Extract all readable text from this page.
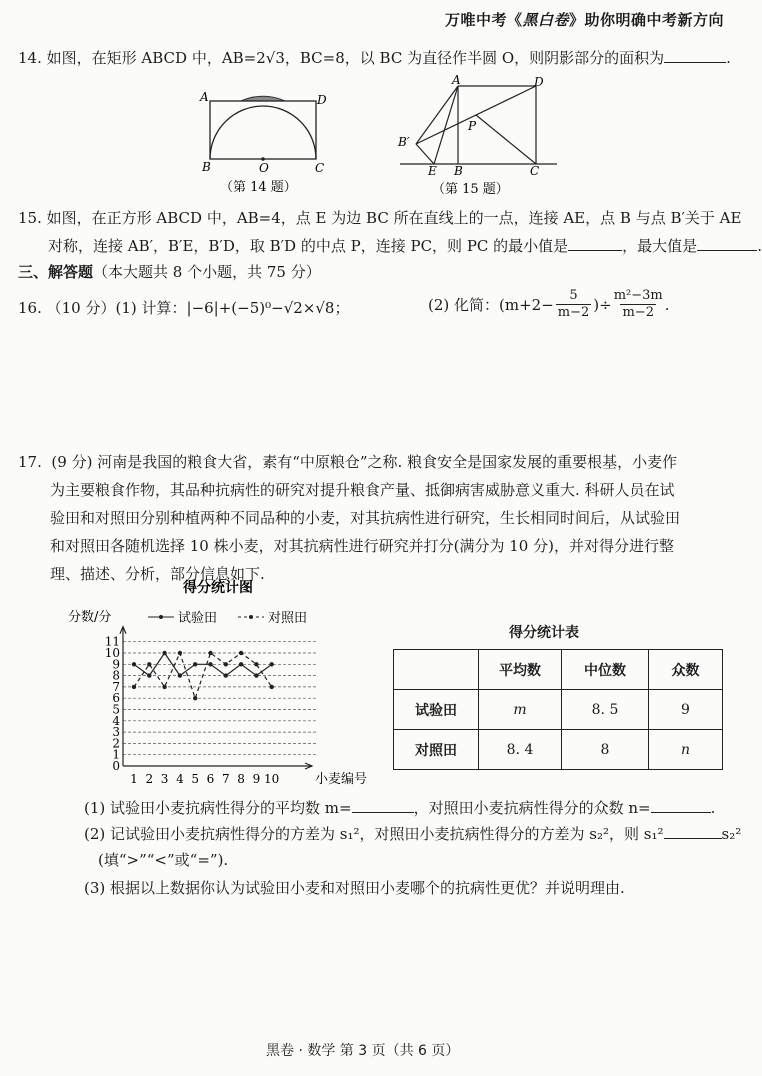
万唯中考《黑白卷》助你明确中考新方向
14. 如图，在矩形 ABCD 中，AB=2√3，BC=8，以 BC 为直径作半圆 O，则阴影部分的面积为	.
A	D
B	O	C
（第 14 题）
A	D
P
B′
E B	C
（第 15 题）
15. 如图，在正方形 ABCD 中，AB=4，点 E 为边 BC 所在直线上的一点，连接 AE，点 B 与点 B′关于 AE
对称，连接 AB′，B′E，B′D，取 B′D 的中点 P，连接 PC，则 PC 的最小值是	，最大值是	.
三、解答题（本大题共 8 个小题，共 75 分）
16. （10 分）(1) 计算：|−6|+(−5)⁰−√2×√8；	(2) 化简：($m+2- \frac{5}{m-2}$ )÷ $\frac{\text{m²−3m}}{m-2}$ .
17. (9 分) 河南是我国的粮食大省，素有“中原粮仓”之称. 粮食安全是国家发展的重要根基，小麦作
为主要粮食作物，其品种抗病性的研究对提升粮食产量、抵御病害威胁意义重大. 科研人员在试
验田和对照田分别种植两种不同品种的小麦，对其抗病性进行研究，生长相同时间后，从试验田
和对照田各随机选择 10 株小麦，对其抗病性进行研究并打分(满分为 10 分)，并对得分进行整
理、描述、分析，部分信息如下.
得分统计图
分数/分	试验田	对照田
0
1
2
3
4
5
6
7
8
9
10
11
1 2 3 4 5 6 7 8 9 10	小麦编号
得分统计表
	平均数	中位数	众数
试验田	m	8. 5	9
对照田	8. 4	8	n
(1) 试验田小麦抗病性得分的平均数 m=	，对照田小麦抗病性得分的众数 n=	.
(2) 记试验田小麦抗病性得分的方差为 s₁²，对照田小麦抗病性得分的方差为 s₂²，则 s₁²	s₂²
(填“>”“<”或“=”).
(3) 根据以上数据你认为试验田小麦和对照田小麦哪个的抗病性更优？并说明理由.
黑卷 · 数学 第 3 页（共 6 页）
